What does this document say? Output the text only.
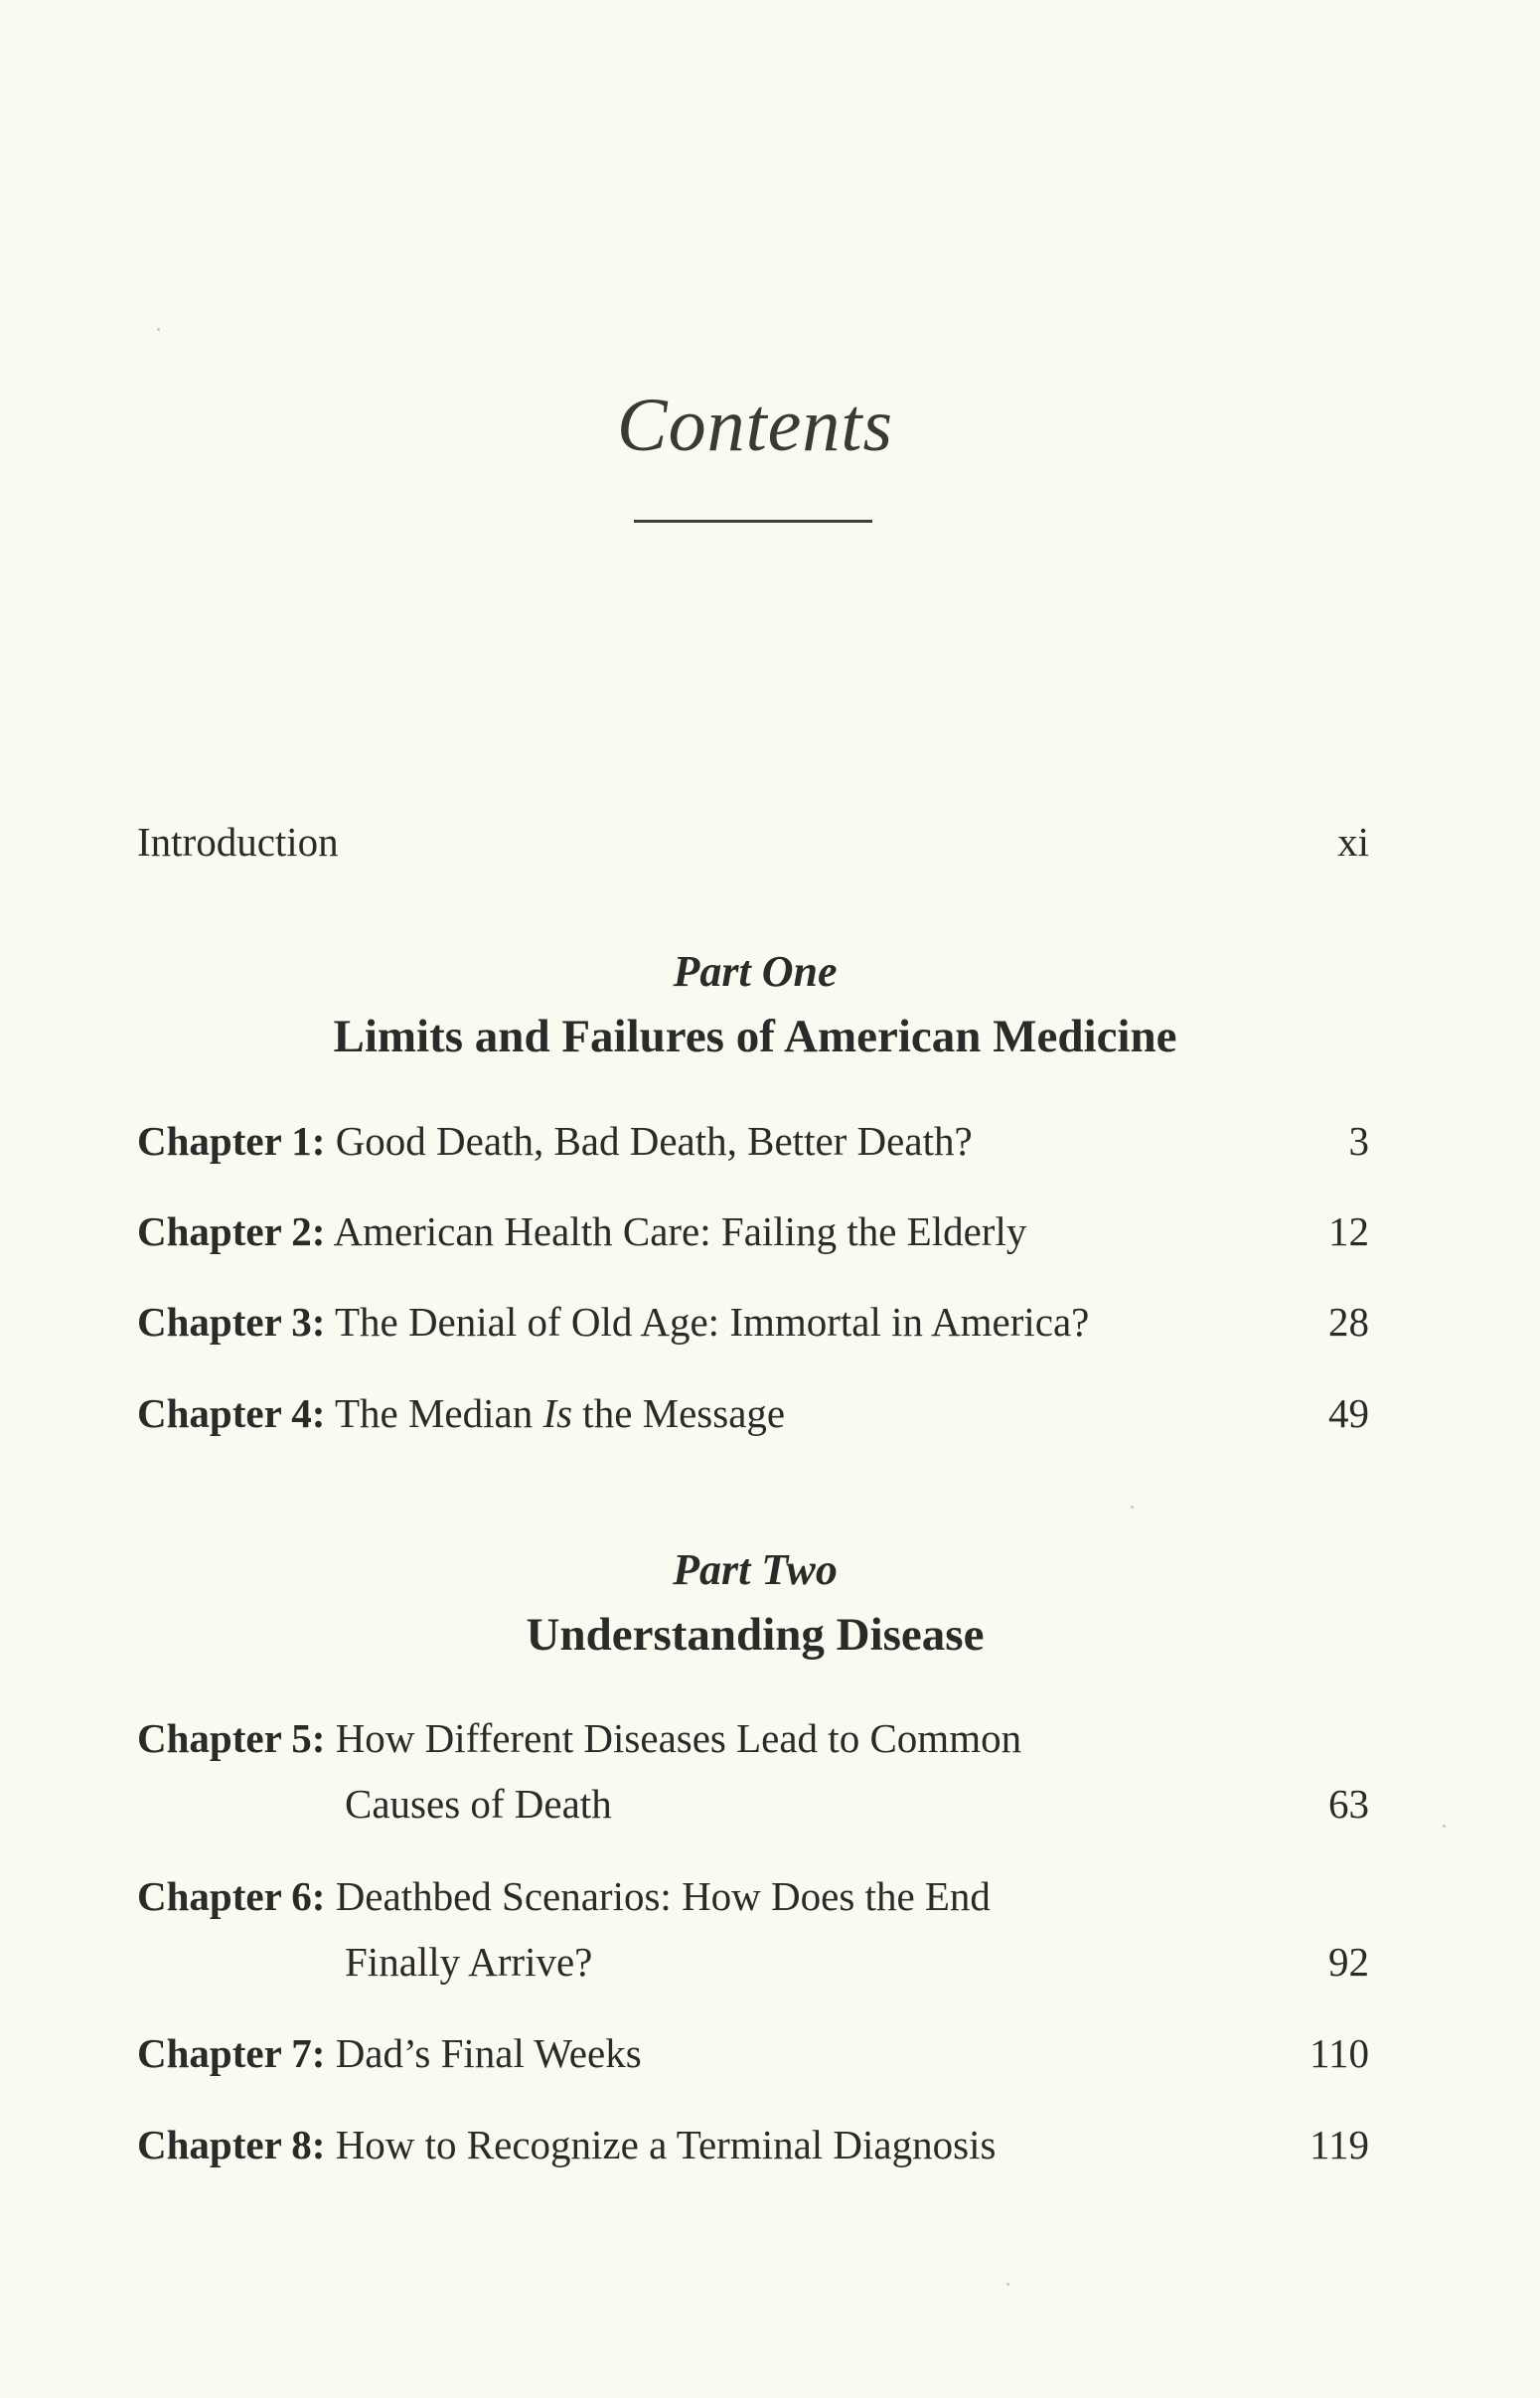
Contents
Introduction	xi
Part One
Limits and Failures of American Medicine
Chapter 1: Good Death, Bad Death, Better Death?	3
Chapter 2: American Health Care: Failing the Elderly	12
Chapter 3: The Denial of Old Age: Immortal in America?	28
Chapter 4: The Median Is the Message	49
Part Two
Understanding Disease
Chapter 5: How Different Diseases Lead to Common
Causes of Death	63
Chapter 6: Deathbed Scenarios: How Does the End
Finally Arrive?	92
Chapter 7: Dad’s Final Weeks	110
Chapter 8: How to Recognize a Terminal Diagnosis	119
